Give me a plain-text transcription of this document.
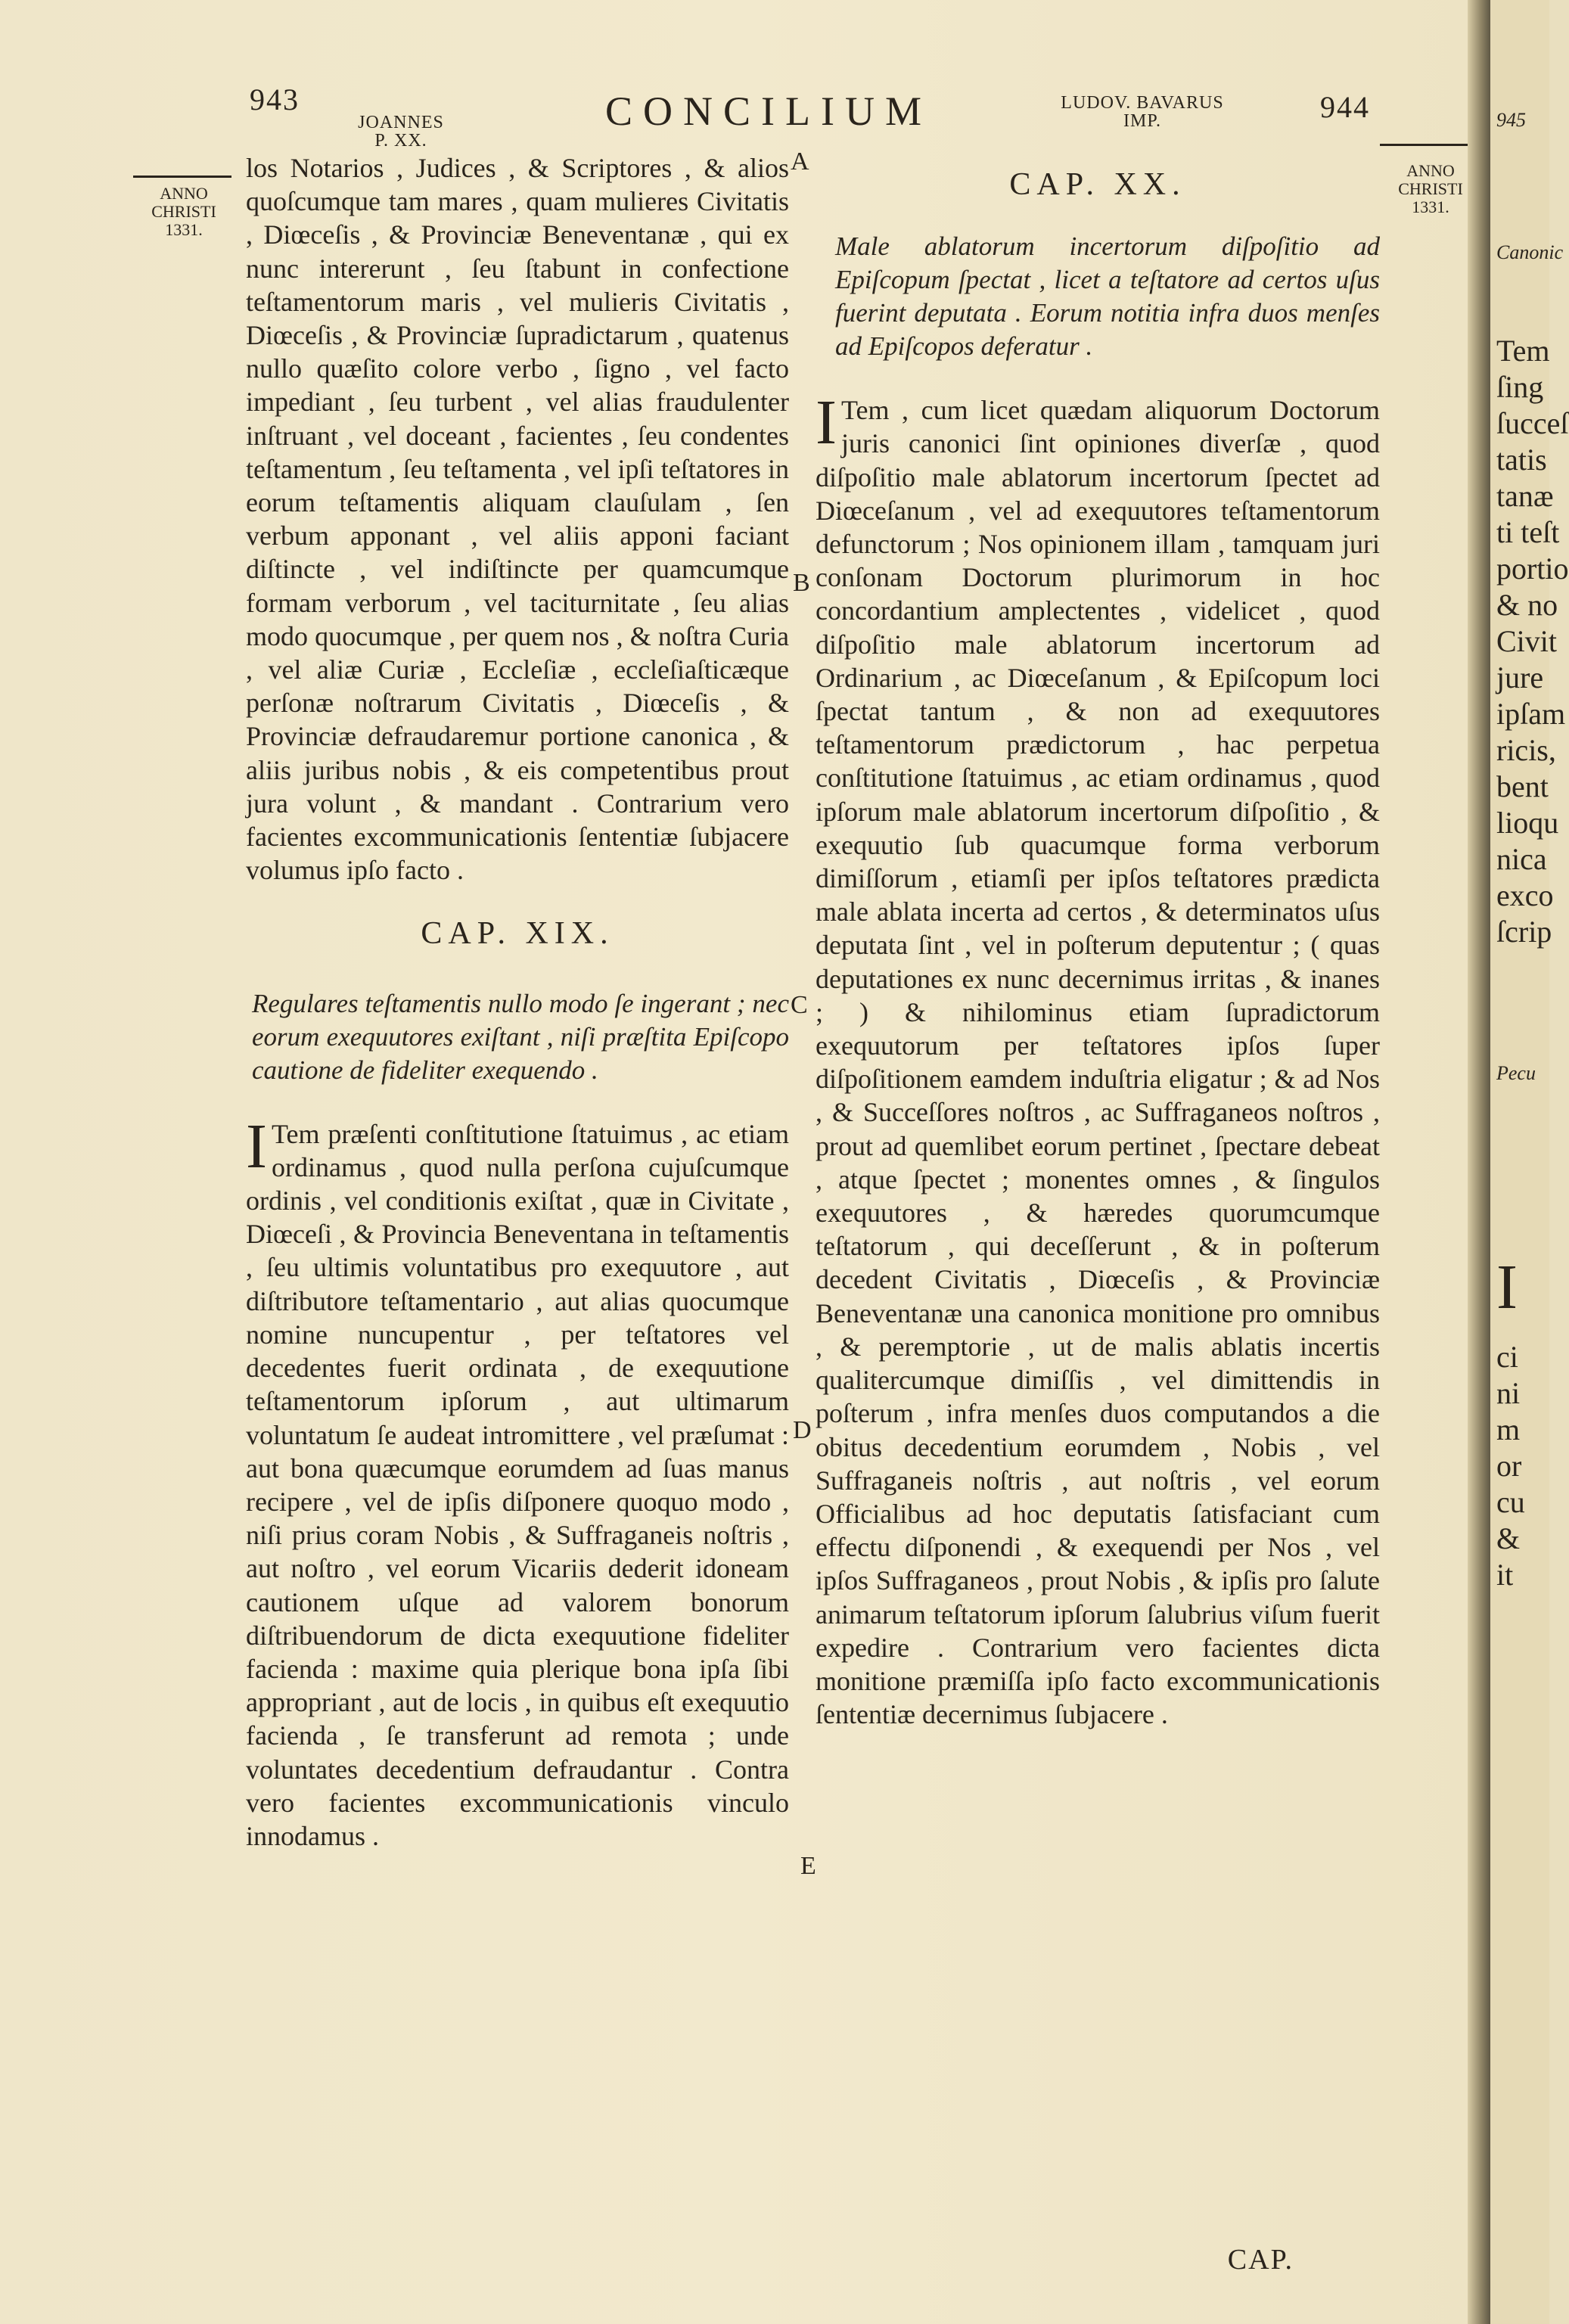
943
JOANNES
P. XX.
CONCILIUM	LUDOV. BAVARUS
IMP.	944
ANNO
CHRISTI
1331.
ANNO
CHRISTI
1331.
A
B
C
D
E

los Notarios , Judices , & Scriptores , & alios quoſcumque tam mares , quam mulieres Civitatis , Diœceſis , & Provinciæ Beneventanæ , qui ex nunc intererunt , ſeu ſtabunt in confectione teſtamentorum maris , vel mulieris Civitatis , Diœceſis , & Provinciæ ſupradictarum , quatenus nullo quæſito colore verbo , ſigno , vel facto impediant , ſeu turbent , vel alias fraudulenter inſtruant , vel doceant , facientes , ſeu condentes teſtamentum , ſeu teſtamenta , vel ipſi teſtatores in eorum teſtamentis aliquam clauſulam , ſen verbum apponant , vel aliis apponi faciant diſtincte , vel indiſtincte per quamcumque formam verborum , vel taciturnitate , ſeu alias modo quocumque , per quem nos , & noſtra Curia , vel aliæ Curiæ , Eccleſiæ , eccleſiaſticæque perſonæ noſtrarum Civitatis , Diœceſis , & Provinciæ defraudaremur portione canonica , & aliis juribus nobis , & eis competentibus prout jura volunt , & mandant . Contrarium vero facientes excommunicationis ſententiæ ſubjacere volumus ipſo facto .

CAP. XIX.

Regulares teſtamentis nullo modo ſe ingerant ; nec eorum exequutores exiſtant , niſi præſtita Epiſcopo cautione de fideliter exequendo .

ITem præſenti conſtitutione ſtatuimus , ac etiam ordinamus , quod nulla perſona cujuſcumque ordinis , vel conditionis exiſtat , quæ in Civitate , Diœceſi , & Provincia Beneventana in teſtamentis , ſeu ultimis voluntatibus pro exequutore , aut diſtributore teſtamentario , aut alias quocumque nomine nuncupentur , per teſtatores vel decedentes fuerit ordinata , de exequutione teſtamentorum ipſorum , aut ultimarum voluntatum ſe audeat intromittere , vel præſumat : aut bona quæcumque eorumdem ad ſuas manus recipere , vel de ipſis diſponere quoquo modo , niſi prius coram Nobis , & Suffraganeis noſtris , aut noſtro , vel eorum Vicariis dederit idoneam cautionem uſque ad valorem bonorum diſtribuendorum de dicta exequutione fideliter facienda : maxime quia plerique bona ipſa ſibi appropriant , aut de locis , in quibus eſt exequutio facienda , ſe transferunt ad remota ; unde voluntates decedentium defraudantur . Contra vero facientes excommunicationis vinculo innodamus .

CAP. XX.

Male ablatorum incertorum diſpoſitio ad Epiſcopum ſpectat , licet a teſtatore ad certos uſus fuerint deputata . Eorum notitia infra duos menſes ad Epiſcopos deferatur .

ITem , cum licet quædam aliquorum Doctorum juris canonici ſint opiniones diverſæ , quod diſpoſitio male ablatorum incertorum ſpectet ad Diœceſanum , vel ad exequutores teſtamentorum defunctorum ; Nos opinionem illam , tamquam juri conſonam Doctorum plurimorum in hoc concordantium amplectentes , videlicet , quod diſpoſitio male ablatorum incertorum ad Ordinarium , ac Diœceſanum , & Epiſcopum loci ſpectat tantum , & non ad exequutores teſtamentorum prædictorum , hac perpetua conſtitutione ſtatuimus , ac etiam ordinamus , quod ipſorum male ablatorum incertorum diſpoſitio , & exequutio ſub quacumque forma verborum dimiſſorum , etiamſi per ipſos teſtatores prædicta male ablata incerta ad certos , & determinatos uſus deputata ſint , vel in poſterum deputentur ; ( quas deputationes ex nunc decernimus irritas , & inanes ; ) & nihilominus etiam ſupradictorum exequutorum per teſtatores ipſos ſuper diſpoſitionem eamdem induſtria eligatur ; & ad Nos , & Succeſſores noſtros , ac Suffraganeos noſtros , prout ad quemlibet eorum pertinet , ſpectare debeat , atque ſpectet ; monentes omnes , & ſingulos exequutores , & hæredes quorumcumque teſtatorum , qui deceſſerunt , & in poſterum decedent Civitatis , Diœceſis , & Provinciæ Beneventanæ una canonica monitione pro omnibus , & peremptorie , ut de malis ablatis incertis qualitercumque dimiſſis , vel dimittendis in poſterum , infra menſes duos computandos a die obitus decedentium eorumdem , Nobis , vel Suffraganeis noſtris , aut noſtris , vel eorum Officialibus ad hoc deputatis ſatisfaciant cum effectu diſponendi , & exequendi per Nos , vel ipſos Suffraganeos , prout Nobis , & ipſis pro ſalute animarum teſtatorum ipſorum ſalubrius viſum fuerit expedire . Contrarium vero facientes dicta monitione præmiſſa ipſo facto excommunicationis ſententiæ decernimus ſubjacere .

CAP.
945
Canonic
Tem
ſing
ſucceſ
tatis
tanæ
ti teſt
portio
& no
Civit
jure
ipſam
ricis,
bent
lioqu
nica
exco
ſcrip
Pecu
I
ci
ni
m
or
cu
&
it
